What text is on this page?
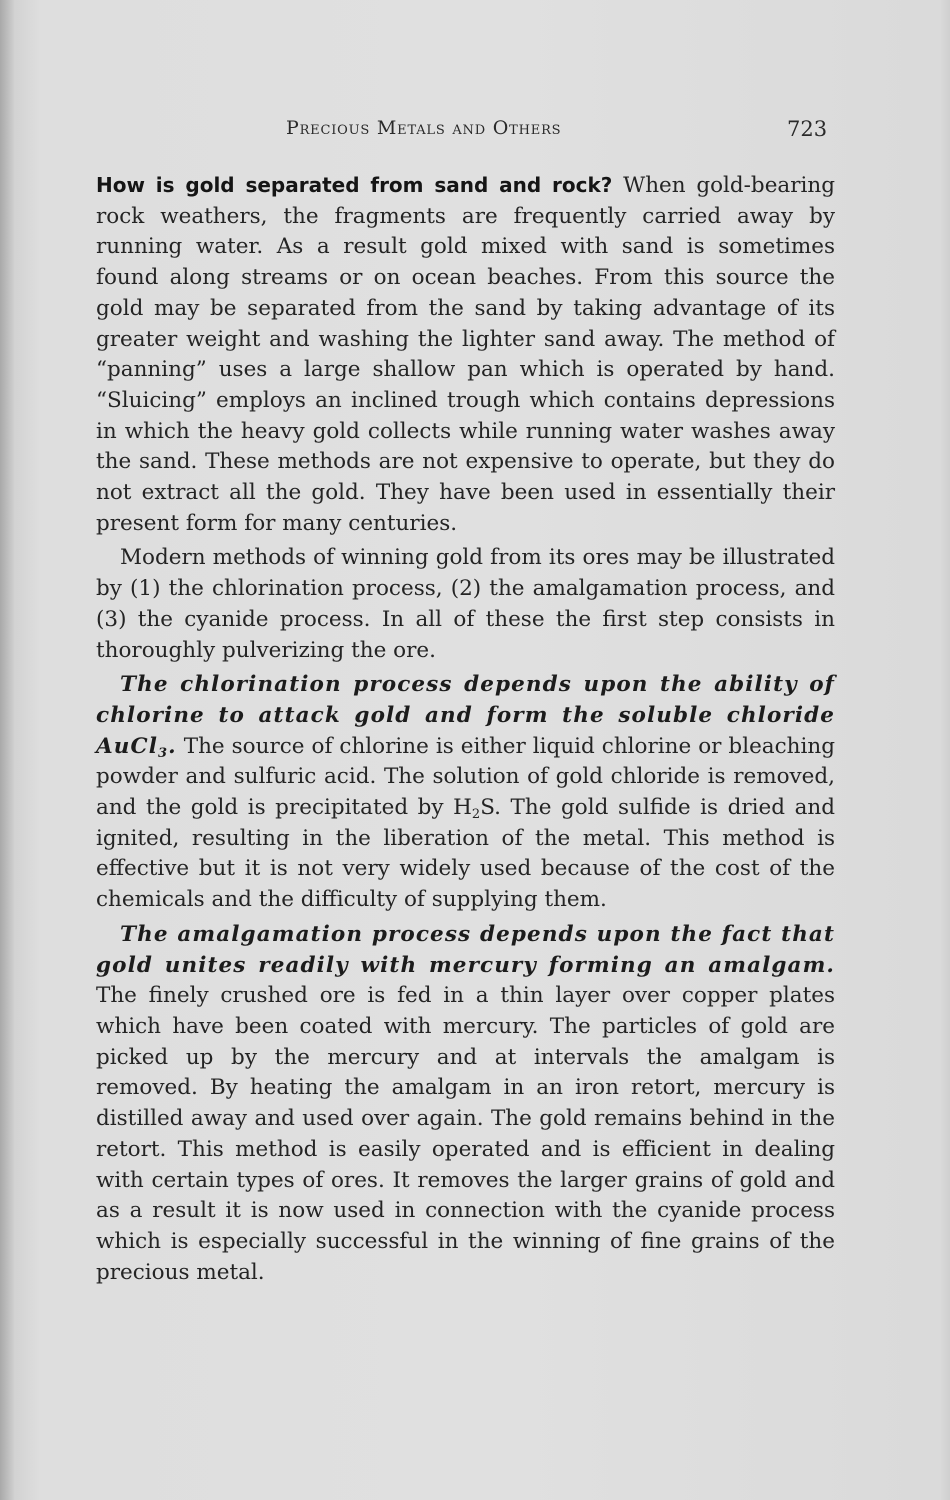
Precious Metals and Others	723

How is gold separated from sand and rock? When gold-bearing rock weathers, the fragments are frequently carried away by running water. As a result gold mixed with sand is sometimes found along streams or on ocean beaches. From this source the gold may be separated from the sand by taking advantage of its greater weight and washing the lighter sand away. The method of “panning” uses a large shallow pan which is operated by hand. “Sluicing” employs an inclined trough which contains depressions in which the heavy gold collects while running water washes away the sand. These methods are not expensive to operate, but they do not extract all the gold. They have been used in essentially their present form for many centuries.

Modern methods of winning gold from its ores may be illustrated by (1) the chlorination process, (2) the amalgamation process, and (3) the cyanide process. In all of these the first step consists in thoroughly pulverizing the ore.

The chlorination process depends upon the ability of chlorine to attack gold and form the soluble chloride AuCl$_3$. The source of chlorine is either liquid chlorine or bleaching powder and sulfuric acid. The solution of gold chloride is removed, and the gold is precipitated by $H_2S$. The gold sulfide is dried and ignited, resulting in the liberation of the metal. This method is effective but it is not very widely used because of the cost of the chemicals and the difficulty of supplying them.

The amalgamation process depends upon the fact that gold unites readily with mercury forming an amalgam. The finely crushed ore is fed in a thin layer over copper plates which have been coated with mercury. The particles of gold are picked up by the mercury and at intervals the amalgam is removed. By heating the amalgam in an iron retort, mercury is distilled away and used over again. The gold remains behind in the retort. This method is easily operated and is efficient in dealing with certain types of ores. It removes the larger grains of gold and as a result it is now used in connection with the cyanide process which is especially successful in the winning of fine grains of the precious metal.
